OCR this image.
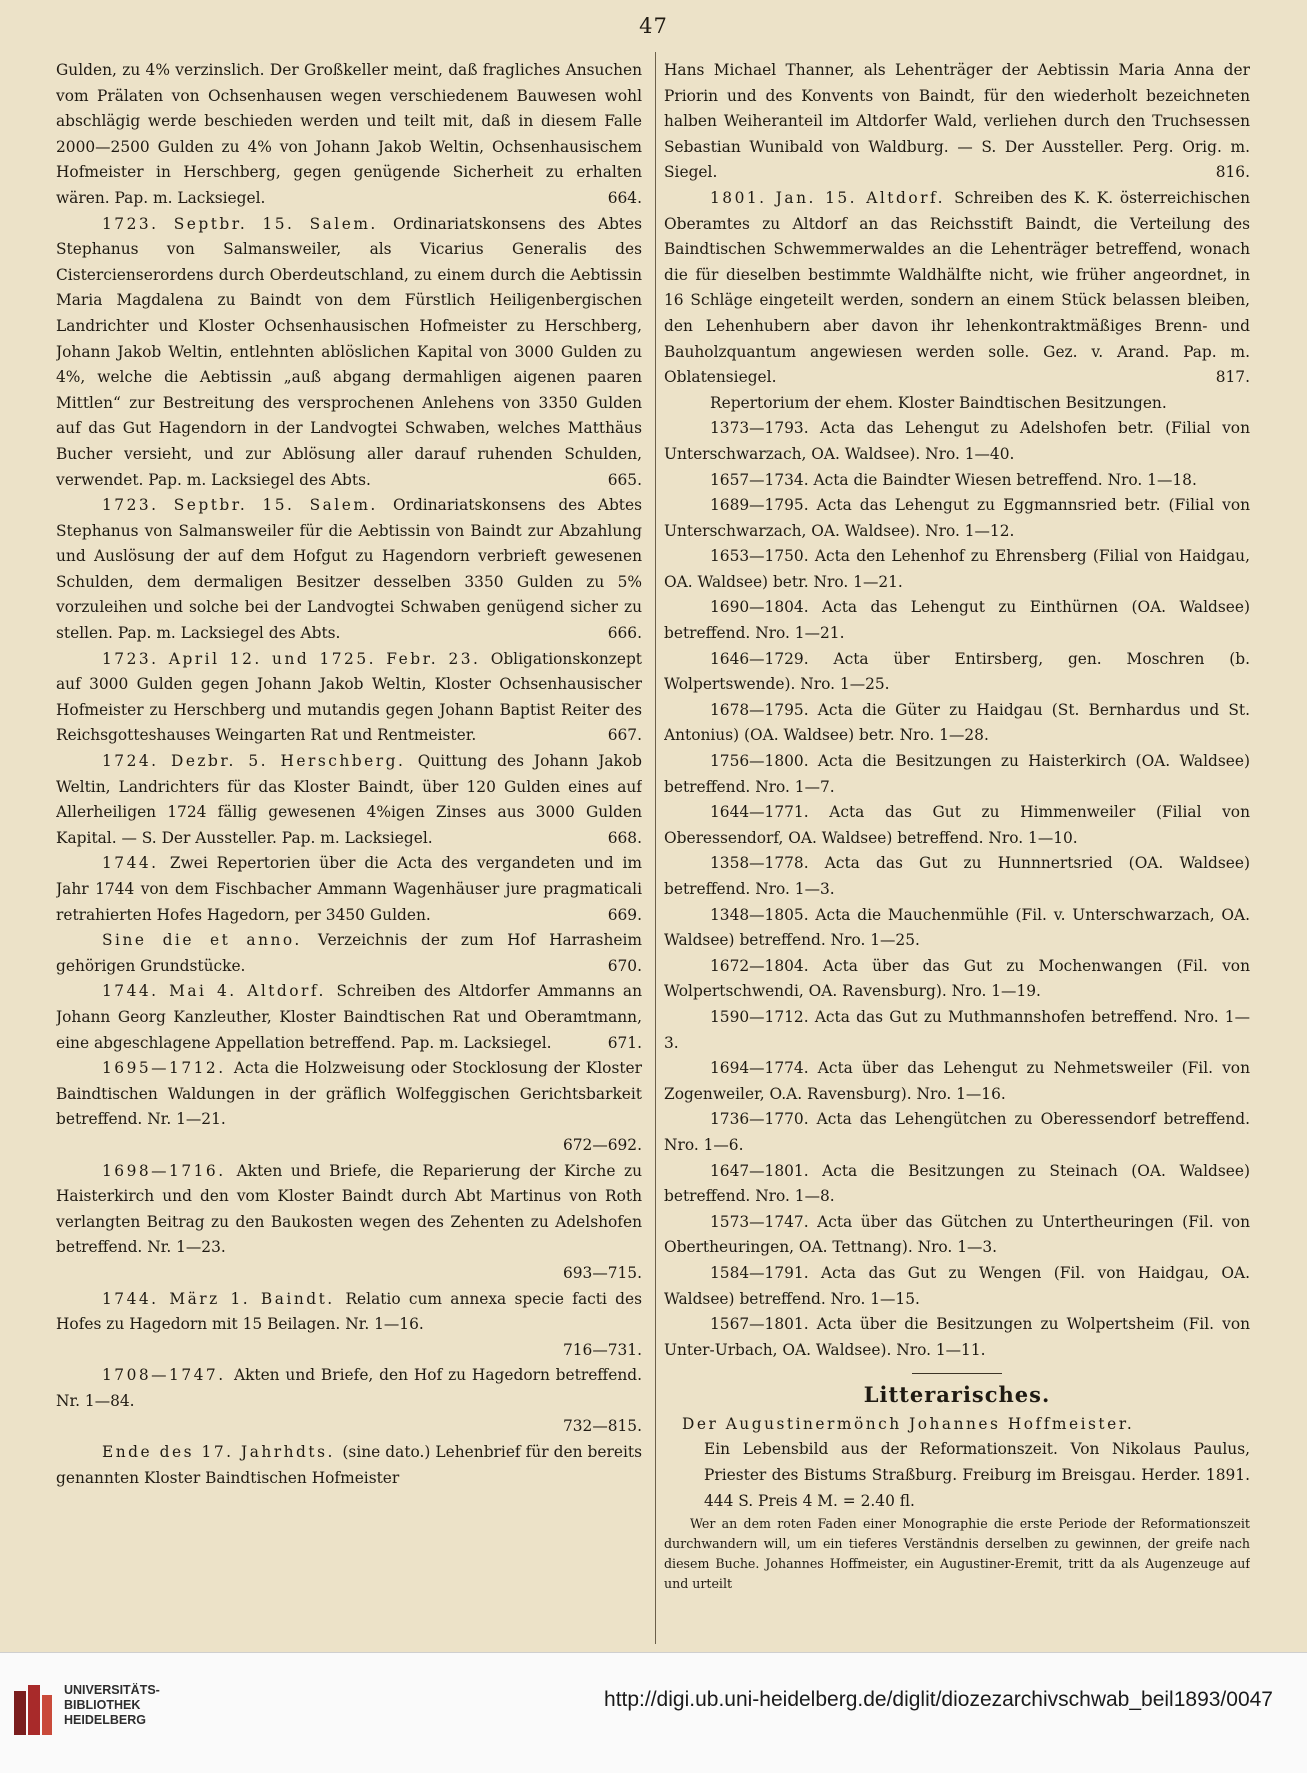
47

Gulden, zu 4% verzinslich. Der Großkeller meint, daß fragliches Ansuchen vom Prälaten von Ochsenhausen wegen verschiedenem Bauwesen wohl abschlägig werde beschieden werden und teilt mit, daß in diesem Falle 2000—2500 Gulden zu 4% von Johann Jakob Weltin, Ochsenhausischem Hofmeister in Herschberg, gegen genügende Sicherheit zu erhalten wären. Pap. m. Lacksiegel.	664.

1723. Septbr. 15. Salem. Ordinariatskonsens des Abtes Stephanus von Salmansweiler, als Vicarius Generalis des Cistercienserordens durch Oberdeutschland, zu einem durch die Aebtissin Maria Magdalena zu Baindt von dem Fürstlich Heiligenbergischen Landrichter und Kloster Ochsenhausischen Hofmeister zu Herschberg, Johann Jakob Weltin, entlehnten ablöslichen Kapital von 3000 Gulden zu 4%, welche die Aebtissin „auß abgang dermahligen aigenen paaren Mittlen“ zur Bestreitung des versprochenen Anlehens von 3350 Gulden auf das Gut Hagendorn in der Landvogtei Schwaben, welches Matthäus Bucher versieht, und zur Ablösung aller darauf ruhenden Schulden, verwendet. Pap. m. Lacksiegel des Abts.	665.

1723. Septbr. 15. Salem. Ordinariatskonsens des Abtes Stephanus von Salmansweiler für die Aebtissin von Baindt zur Abzahlung und Auslösung der auf dem Hofgut zu Hagendorn verbrieft gewesenen Schulden, dem dermaligen Besitzer desselben 3350 Gulden zu 5% vorzuleihen und solche bei der Landvogtei Schwaben genügend sicher zu stellen. Pap. m. Lacksiegel des Abts.	666.

1723. April 12. und 1725. Febr. 23. Obligationskonzept auf 3000 Gulden gegen Johann Jakob Weltin, Kloster Ochsenhausischer Hofmeister zu Herschberg und mutandis gegen Johann Baptist Reiter des Reichsgotteshauses Weingarten Rat und Rentmeister.	667.

1724. Dezbr. 5. Herschberg. Quittung des Johann Jakob Weltin, Landrichters für das Kloster Baindt, über 120 Gulden eines auf Allerheiligen 1724 fällig gewesenen 4%igen Zinses aus 3000 Gulden Kapital. — S. Der Aussteller. Pap. m. Lacksiegel.	668.

1744. Zwei Repertorien über die Acta des vergandeten und im Jahr 1744 von dem Fischbacher Ammann Wagenhäuser jure pragmaticali retrahierten Hofes Hagedorn, per 3450 Gulden.	669.

Sine die et anno. Verzeichnis der zum Hof Harrasheim gehörigen Grundstücke.	670.

1744. Mai 4. Altdorf. Schreiben des Altdorfer Ammanns an Johann Georg Kanzleuther, Kloster Baindtischen Rat und Oberamtmann, eine abgeschlagene Appellation betreffend. Pap. m. Lacksiegel.	671.

1695—1712. Acta die Holzweisung oder Stocklosung der Kloster Baindtischen Waldungen in der gräflich Wolfeggischen Gerichtsbarkeit betreffend. Nr. 1—21.
672—692.

1698—1716. Akten und Briefe, die Reparierung der Kirche zu Haisterkirch und den vom Kloster Baindt durch Abt Martinus von Roth verlangten Beitrag zu den Baukosten wegen des Zehenten zu Adelshofen betreffend. Nr. 1—23.
693—715.

1744. März 1. Baindt. Relatio cum annexa specie facti des Hofes zu Hagedorn mit 15 Beilagen. Nr. 1—16.
716—731.

1708—1747. Akten und Briefe, den Hof zu Hagedorn betreffend. Nr. 1—84.
732—815.

Ende des 17. Jahrhdts. (sine dato.) Lehenbrief für den bereits genannten Kloster Baindtischen Hofmeister

Hans Michael Thanner, als Lehenträger der Aebtissin Maria Anna der Priorin und des Konvents von Baindt, für den wiederholt bezeichneten halben Weiheranteil im Altdorfer Wald, verliehen durch den Truchsessen Sebastian Wunibald von Waldburg. — S. Der Aussteller. Perg. Orig. m. Siegel.	816.

1801. Jan. 15. Altdorf. Schreiben des K. K. österreichischen Oberamtes zu Altdorf an das Reichsstift Baindt, die Verteilung des Baindtischen Schwemmerwaldes an die Lehenträger betreffend, wonach die für dieselben bestimmte Waldhälfte nicht, wie früher angeordnet, in 16 Schläge eingeteilt werden, sondern an einem Stück belassen bleiben, den Lehenhubern aber davon ihr lehenkontraktmäßiges Brenn- und Bauholzquantum angewiesen werden solle. Gez. v. Arand. Pap. m. Oblatensiegel.	817.

Repertorium der ehem. Kloster Baindtischen Besitzungen.

1373—1793. Acta das Lehengut zu Adelshofen betr. (Filial von Unterschwarzach, OA. Waldsee). Nro. 1—40.

1657—1734. Acta die Baindter Wiesen betreffend. Nro. 1—18.

1689—1795. Acta das Lehengut zu Eggmannsried betr. (Filial von Unterschwarzach, OA. Waldsee). Nro. 1—12.

1653—1750. Acta den Lehenhof zu Ehrensberg (Filial von Haidgau, OA. Waldsee) betr. Nro. 1—21.

1690—1804. Acta das Lehengut zu Einthürnen (OA. Waldsee) betreffend. Nro. 1—21.

1646—1729. Acta über Entirsberg, gen. Moschren (b. Wolpertswende). Nro. 1—25.

1678—1795. Acta die Güter zu Haidgau (St. Bernhardus und St. Antonius) (OA. Waldsee) betr. Nro. 1—28.

1756—1800. Acta die Besitzungen zu Haisterkirch (OA. Waldsee) betreffend. Nro. 1—7.

1644—1771. Acta das Gut zu Himmenweiler (Filial von Oberessendorf, OA. Waldsee) betreffend. Nro. 1—10.

1358—1778. Acta das Gut zu Hunnnertsried (OA. Waldsee) betreffend. Nro. 1—3.

1348—1805. Acta die Mauchenmühle (Fil. v. Unterschwarzach, OA. Waldsee) betreffend. Nro. 1—25.

1672—1804. Acta über das Gut zu Mochenwangen (Fil. von Wolpertschwendi, OA. Ravensburg). Nro. 1—19.

1590—1712. Acta das Gut zu Muthmannshofen betreffend. Nro. 1—3.

1694—1774. Acta über das Lehengut zu Nehmetsweiler (Fil. von Zogenweiler, O.A. Ravensburg). Nro. 1—16.

1736—1770. Acta das Lehengütchen zu Oberessendorf betreffend. Nro. 1—6.

1647—1801. Acta die Besitzungen zu Steinach (OA. Waldsee) betreffend. Nro. 1—8.

1573—1747. Acta über das Gütchen zu Untertheuringen (Fil. von Obertheuringen, OA. Tettnang). Nro. 1—3.

1584—1791. Acta das Gut zu Wengen (Fil. von Haidgau, OA. Waldsee) betreffend. Nro. 1—15.

1567—1801. Acta über die Besitzungen zu Wolpertsheim (Fil. von Unter-Urbach, OA. Waldsee). Nro. 1—11.

Litterarisches.

Der Augustinermönch Johannes Hoffmeister.

Ein Lebensbild aus der Reformationszeit. Von Nikolaus Paulus, Priester des Bistums Straßburg. Freiburg im Breisgau. Herder. 1891. 444 S. Preis 4 M. = 2.40 fl.

Wer an dem roten Faden einer Monographie die erste Periode der Reformationszeit durchwandern will, um ein tieferes Verständnis derselben zu gewinnen, der greife nach diesem Buche. Johannes Hoffmeister, ein Augustiner-Eremit, tritt da als Augenzeuge auf und urteilt

UNIVERSITÄTS-
BIBLIOTHEK
HEIDELBERG
http://digi.ub.uni-heidelberg.de/diglit/diozezarchivschwab_beil1893/0047
